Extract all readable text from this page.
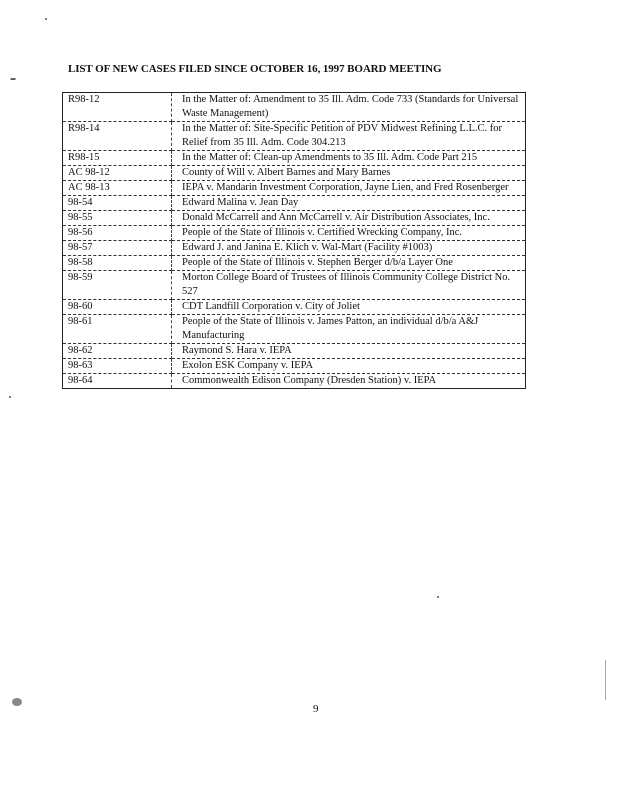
LIST OF NEW CASES FILED SINCE OCTOBER 16, 1997 BOARD MEETING
R98-12	In the Matter of: Amendment to 35 Ill. Adm. Code 733 (Standards for Universal Waste Management)
R98-14	In the Matter of: Site-Specific Petition of PDV Midwest Refining L.L.C. for Relief from 35 Ill. Adm. Code 304.213
R98-15	In the Matter of: Clean-up Amendments to 35 Ill. Adm. Code Part 215
AC 98-12	County of Will v. Albert Barnes and Mary Barnes
AC 98-13	IEPA v. Mandarin Investment Corporation, Jayne Lien, and Fred Rosenberger
98-54	Edward Malina v. Jean Day
98-55	Donald McCarrell and Ann McCarrell v. Air Distribution Associates, Inc.
98-56	People of the State of Illinois v. Certified Wrecking Company, Inc.
98-57	Edward J. and Janina E. Klich v. Wal-Mart (Facility #1003)
98-58	People of the State of Illinois v. Stephen Berger d/b/a Layer One
98-59	Morton College Board of Trustees of Illinois Community College District No. 527
98-60	CDT Landfill Corporation v. City of Joliet
98-61	People of the State of Illinois v. James Patton, an individual d/b/a A&J Manufacturing
98-62	Raymond S. Hara v. IEPA
98-63	Exolon ESK Company v. IEPA
98-64	Commonwealth Edison Company (Dresden Station) v. IEPA
9
